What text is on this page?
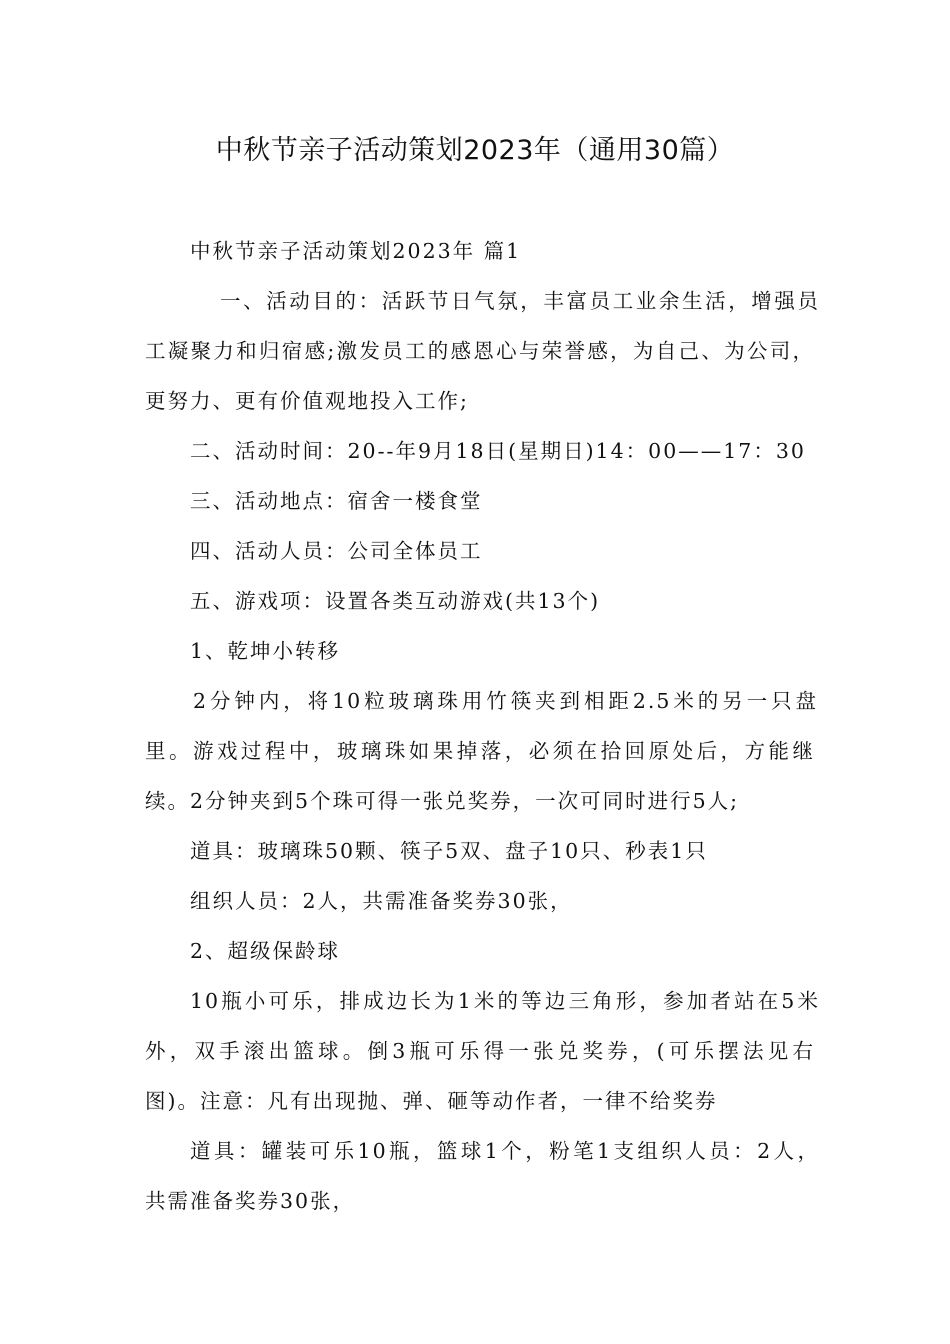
中秋节亲子活动策划2023年（通用30篇）
中秋节亲子活动策划2023年 篇1
一、活动目的：活跃节日气氛，丰富员工业余生活，增强员
工凝聚力和归宿感;激发员工的感恩心与荣誉感，为自己、为公司，
更努力、更有价值观地投入工作;
二、活动时间：20--年9月18日(星期日)14：00——17：30
三、活动地点：宿舍一楼食堂
四、活动人员：公司全体员工
五、游戏项：设置各类互动游戏(共13个)
1、乾坤小转移
2分钟内，将10粒玻璃珠用竹筷夹到相距2.5米的另一只盘
里。游戏过程中，玻璃珠如果掉落，必须在拾回原处后，方能继
续。2分钟夹到5个珠可得一张兑奖券，一次可同时进行5人;
道具：玻璃珠50颗、筷子5双、盘子10只、秒表1只
组织人员：2人，共需准备奖券30张，
2、超级保龄球
10瓶小可乐，排成边长为1米的等边三角形，参加者站在5米
外，双手滚出篮球。倒3瓶可乐得一张兑奖券，(可乐摆法见右
图)。注意：凡有出现抛、弹、砸等动作者，一律不给奖券
道具：罐装可乐10瓶，篮球1个，粉笔1支组织人员：2人，
共需准备奖券30张，
